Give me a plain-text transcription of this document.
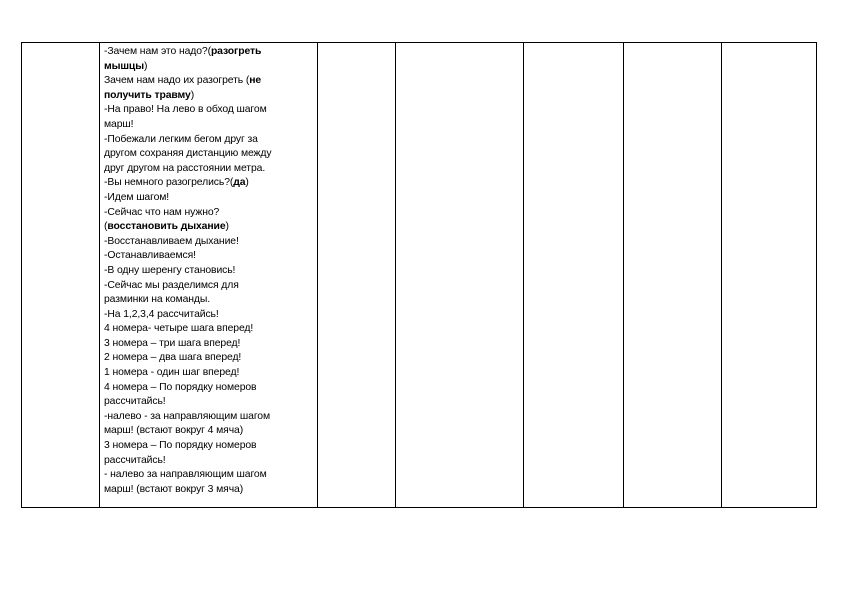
-Зачем нам это надо?(разогреть
мышцы)
Зачем нам надо их разогреть (не
получить травму)
-На право! На лево в обход шагом
марш!
-Побежали легким бегом друг за
другом сохраняя дистанцию между
друг другом на расстоянии метра.
-Вы немного разогрелись?(да)
-Идем шагом!
-Сейчас что нам нужно?
(восстановить дыхание)
-Восстанавливаем дыхание!
-Останавливаемся!
-В одну шеренгу становись!
-Сейчас мы разделимся для
разминки на команды.
-На 1,2,3,4 рассчитайсь!
4 номера- четыре шага вперед!
3 номера – три шага вперед!
2 номера – два шага вперед!
1 номера - один шаг вперед!
4 номера – По порядку номеров
рассчитайсь!
-налево - за направляющим шагом
марш! (встают вокруг 4 мяча)
3 номера – По порядку номеров
рассчитайсь!
- налево за направляющим шагом
марш! (встают вокруг 3 мяча)
